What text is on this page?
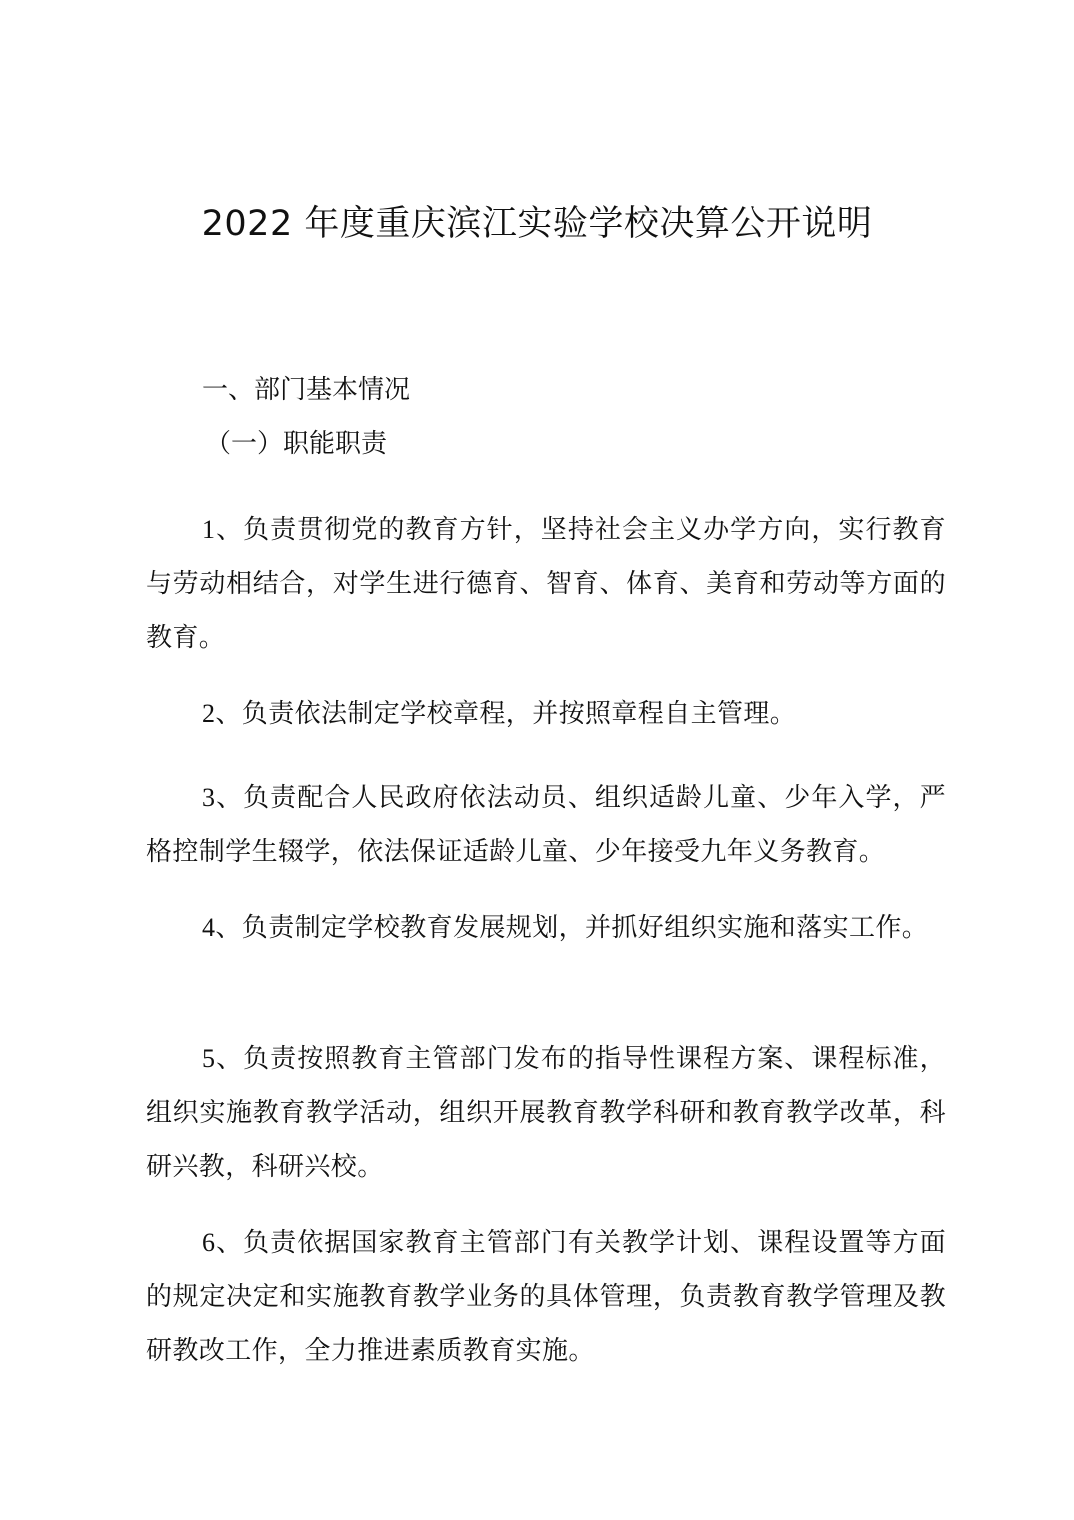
2022 年度重庆滨江实验学校决算公开说明

一、部门基本情况

（一）职能职责

1、负责贯彻党的教育方针，坚持社会主义办学方向，实行教育与劳动相结合，对学生进行德育、智育、体育、美育和劳动等方面的教育。

2、负责依法制定学校章程，并按照章程自主管理。

3、负责配合人民政府依法动员、组织适龄儿童、少年入学，严格控制学生辍学，依法保证适龄儿童、少年接受九年义务教育。

4、负责制定学校教育发展规划，并抓好组织实施和落实工作。

5、负责按照教育主管部门发布的指导性课程方案、课程标准，组织实施教育教学活动，组织开展教育教学科研和教育教学改革，科研兴教，科研兴校。

6、负责依据国家教育主管部门有关教学计划、课程设置等方面的规定决定和实施教育教学业务的具体管理，负责教育教学管理及教研教改工作，全力推进素质教育实施。
